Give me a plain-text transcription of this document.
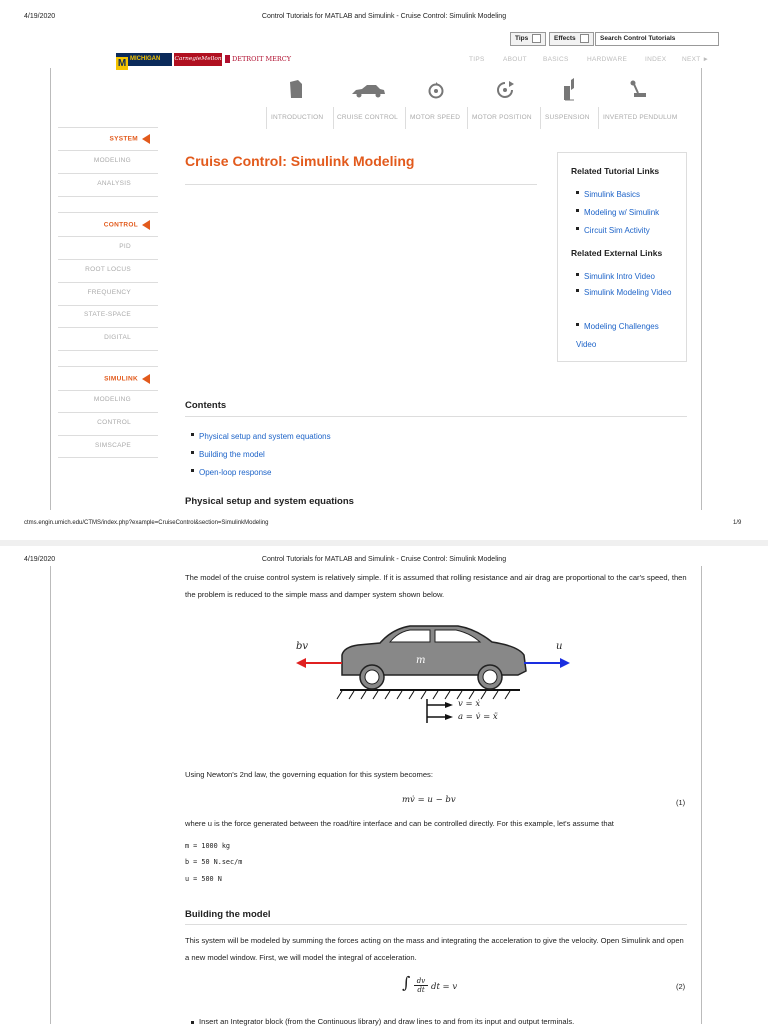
4/19/2020	Control Tutorials for MATLAB and Simulink - Cruise Control: Simulink Modeling
Tips	Effects	Search Control Tutorials
M $^{MICHIGAN}$	CarnegieMellon	DETROIT MERCY	TIPS	ABOUT BASICS	HARDWARE	INDEX NEXT ►
INTRODUCTION CRUISE CONTROL MOTOR SPEED MOTOR POSITION SUSPENSION INVERTED PENDULUM
SYSTEM
MODELING
ANALYSIS
CONTROL
PID
ROOT LOCUS
FREQUENCY
STATE-SPACE
DIGITAL
SIMULINK
MODELING
CONTROL
SIMSCAPE
Cruise Control: Simulink Modeling
Related Tutorial Links
Simulink Basics
Modeling w/ Simulink
Circuit Sim Activity
Related External Links
Simulink Intro Video
Simulink Modeling Video
Modeling Challenges Video
Contents
Physical setup and system equations
Building the model
Open-loop response
Physical setup and system equations
ctms.engin.umich.edu/CTMS/index.php?example=CruiseControl&section=SimulinkModeling	1/9
4/19/2020	Control Tutorials for MATLAB and Simulink - Cruise Control: Simulink Modeling
The model of the cruise control system is relatively simple. If it is assumed that rolling resistance and air drag are proportional to the car's speed, then the problem is reduced to the simple mass and damper system shown below.
bv	u
m
v = ẋ
a = v̇ = ẍ
Using Newton's 2nd law, the governing equation for this system becomes:
mv̇ = u − bv	(1)
where u is the force generated between the road/tire interface and can be controlled directly. For this example, let's assume that
m = 1000 kg
b = 50 N.sec/m
u = 500 N
Building the model
This system will be modeled by summing the forces acting on the mass and integrating the acceleration to give the velocity. Open Simulink and open a new model window. First, we will model the integral of acceleration.
∫ dv
dt dt = v	(2)
Insert an Integrator block (from the Continuous library) and draw lines to and from its input and output terminals.
